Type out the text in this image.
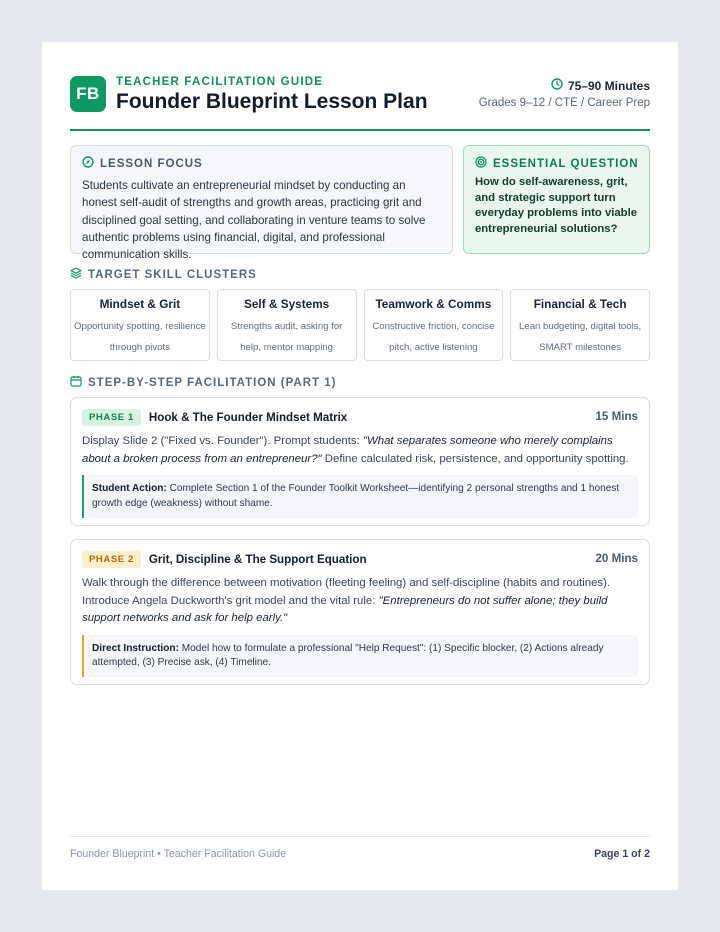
FB
TEACHER FACILITATION GUIDE
Founder Blueprint Lesson Plan
75–90 Minutes
Grades 9–12 / CTE / Career Prep
LESSON FOCUS
Students cultivate an entrepreneurial mindset by conducting an honest self-audit of strengths and growth areas, practicing grit and disciplined goal setting, and collaborating in venture teams to solve authentic problems using financial, digital, and professional communication skills.
ESSENTIAL QUESTION
How do self-awareness, grit, and strategic support turn everyday problems into viable entrepreneurial solutions?
TARGET SKILL CLUSTERS
Mindset & Grit
Opportunity spotting, resilience through pivots
Self & Systems
Strengths audit, asking for help, mentor mapping
Teamwork & Comms
Constructive friction, concise pitch, active listening
Financial & Tech
Lean budgeting, digital tools, SMART milestones
STEP-BY-STEP FACILITATION (PART 1)
PHASE 1	Hook & The Founder Mindset Matrix	15 Mins
Display Slide 2 ("Fixed vs. Founder"). Prompt students: "What separates someone who merely complains about a broken process from an entrepreneur?" Define calculated risk, persistence, and opportunity spotting.
Student Action: Complete Section 1 of the Founder Toolkit Worksheet—identifying 2 personal strengths and 1 honest growth edge (weakness) without shame.
PHASE 2	Grit, Discipline & The Support Equation	20 Mins
Walk through the difference between motivation (fleeting feeling) and self-discipline (habits and routines). Introduce Angela Duckworth's grit model and the vital rule: "Entrepreneurs do not suffer alone; they build support networks and ask for help early."
Direct Instruction: Model how to formulate a professional "Help Request": (1) Specific blocker, (2) Actions already attempted, (3) Precise ask, (4) Timeline.
Founder Blueprint • Teacher Facilitation Guide	Page 1 of 2
